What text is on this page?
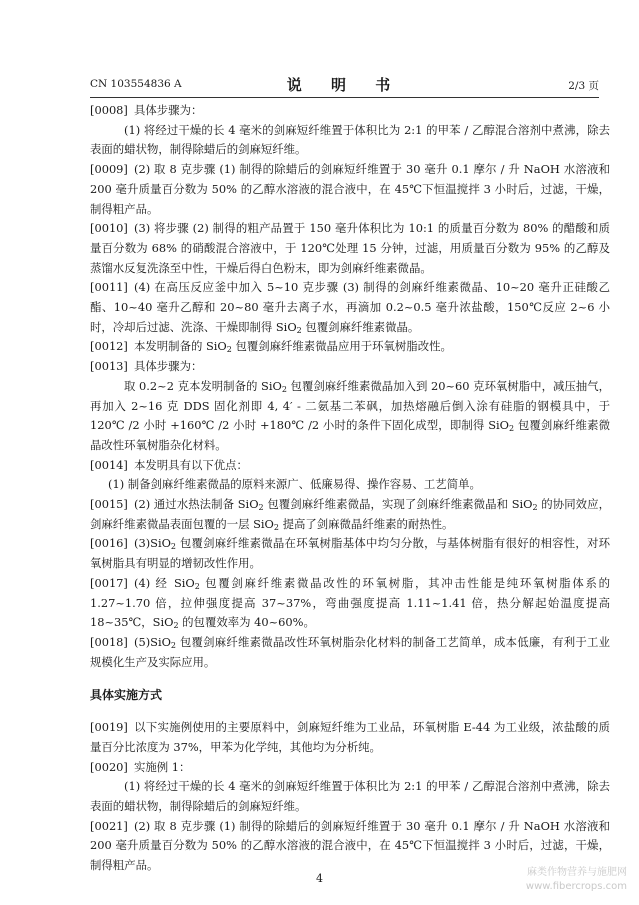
CN 103554836 A	说 明 书	2/3 页

[0008] 具体步骤为：

(1) 将经过干燥的长 4 毫米的剑麻短纤维置于体积比为 2:1 的甲苯 / 乙醇混合溶剂中煮沸，除去表面的蜡状物，制得除蜡后的剑麻短纤维。

[0009] (2) 取 8 克步骤 (1) 制得的除蜡后的剑麻短纤维置于 30 毫升 0.1 摩尔 / 升 NaOH 水溶液和 200 毫升质量百分数为 50% 的乙醇水溶液的混合液中，在 45℃下恒温搅拌 3 小时后，过滤，干燥，制得粗产品。

[0010] (3) 将步骤 (2) 制得的粗产品置于 150 毫升体积比为 10:1 的质量百分数为 80% 的醋酸和质量百分数为 68% 的硝酸混合溶液中，于 120℃处理 15 分钟，过滤，用质量百分数为 95% 的乙醇及蒸馏水反复洗涤至中性，干燥后得白色粉末，即为剑麻纤维素微晶。

[0011] (4) 在高压反应釜中加入 5~10 克步骤 (3) 制得的剑麻纤维素微晶、10~20 毫升正硅酸乙酯、10~40 毫升乙醇和 20~80 毫升去离子水，再滴加 0.2~0.5 毫升浓盐酸，150℃反应 2~6 小时，冷却后过滤、洗涤、干燥即制得 SiO$_2$ 包覆剑麻纤维素微晶。

[0012] 本发明制备的 SiO$_2$ 包覆剑麻纤维素微晶应用于环氧树脂改性。

[0013] 具体步骤为：

取 0.2~2 克本发明制备的 SiO$_2$ 包覆剑麻纤维素微晶加入到 20~60 克环氧树脂中，减压抽气，再加入 2~16 克 DDS 固化剂即 4, 4′ - 二氨基二苯砜，加热熔融后倒入涂有硅脂的钢模具中，于 120℃ /2 小时 +160℃ /2 小时 +180℃ /2 小时的条件下固化成型，即制得 SiO$_2$ 包覆剑麻纤维素微晶改性环氧树脂杂化材料。

[0014] 本发明具有以下优点：

(1) 制备剑麻纤维素微晶的原料来源广、低廉易得、操作容易、工艺简单。

[0015] (2) 通过水热法制备 SiO$_2$ 包覆剑麻纤维素微晶，实现了剑麻纤维素微晶和 SiO$_2$ 的协同效应，剑麻纤维素微晶表面包覆的一层 SiO$_2$ 提高了剑麻微晶纤维素的耐热性。

[0016] (3)SiO$_2$ 包覆剑麻纤维素微晶在环氧树脂基体中均匀分散，与基体树脂有很好的相容性，对环氧树脂具有明显的增韧改性作用。

[0017] (4) 经 SiO$_2$ 包覆剑麻纤维素微晶改性的环氧树脂，其冲击性能是纯环氧树脂体系的 1.27~1.70 倍，拉伸强度提高 37~37%，弯曲强度提高 1.11~1.41 倍，热分解起始温度提高 18~35℃，SiO$_2$ 的包覆效率为 40~60%。

[0018] (5)SiO$_2$ 包覆剑麻纤维素微晶改性环氧树脂杂化材料的制备工艺简单，成本低廉，有利于工业规模化生产及实际应用。

具体实施方式

[0019] 以下实施例使用的主要原料中，剑麻短纤维为工业品，环氧树脂 E-44 为工业级，浓盐酸的质量百分比浓度为 37%，甲苯为化学纯，其他均为分析纯。

[0020] 实施例 1：

(1) 将经过干燥的长 4 毫米的剑麻短纤维置于体积比为 2:1 的甲苯 / 乙醇混合溶剂中煮沸，除去表面的蜡状物，制得除蜡后的剑麻短纤维。

[0021] (2) 取 8 克步骤 (1) 制得的除蜡后的剑麻短纤维置于 30 毫升 0.1 摩尔 / 升 NaOH 水溶液和 200 毫升质量百分数为 50% 的乙醇水溶液的混合液中，在 45℃下恒温搅拌 3 小时后，过滤，干燥，制得粗产品。

4	麻类作物营养与施肥网
www.fibercrops.com
